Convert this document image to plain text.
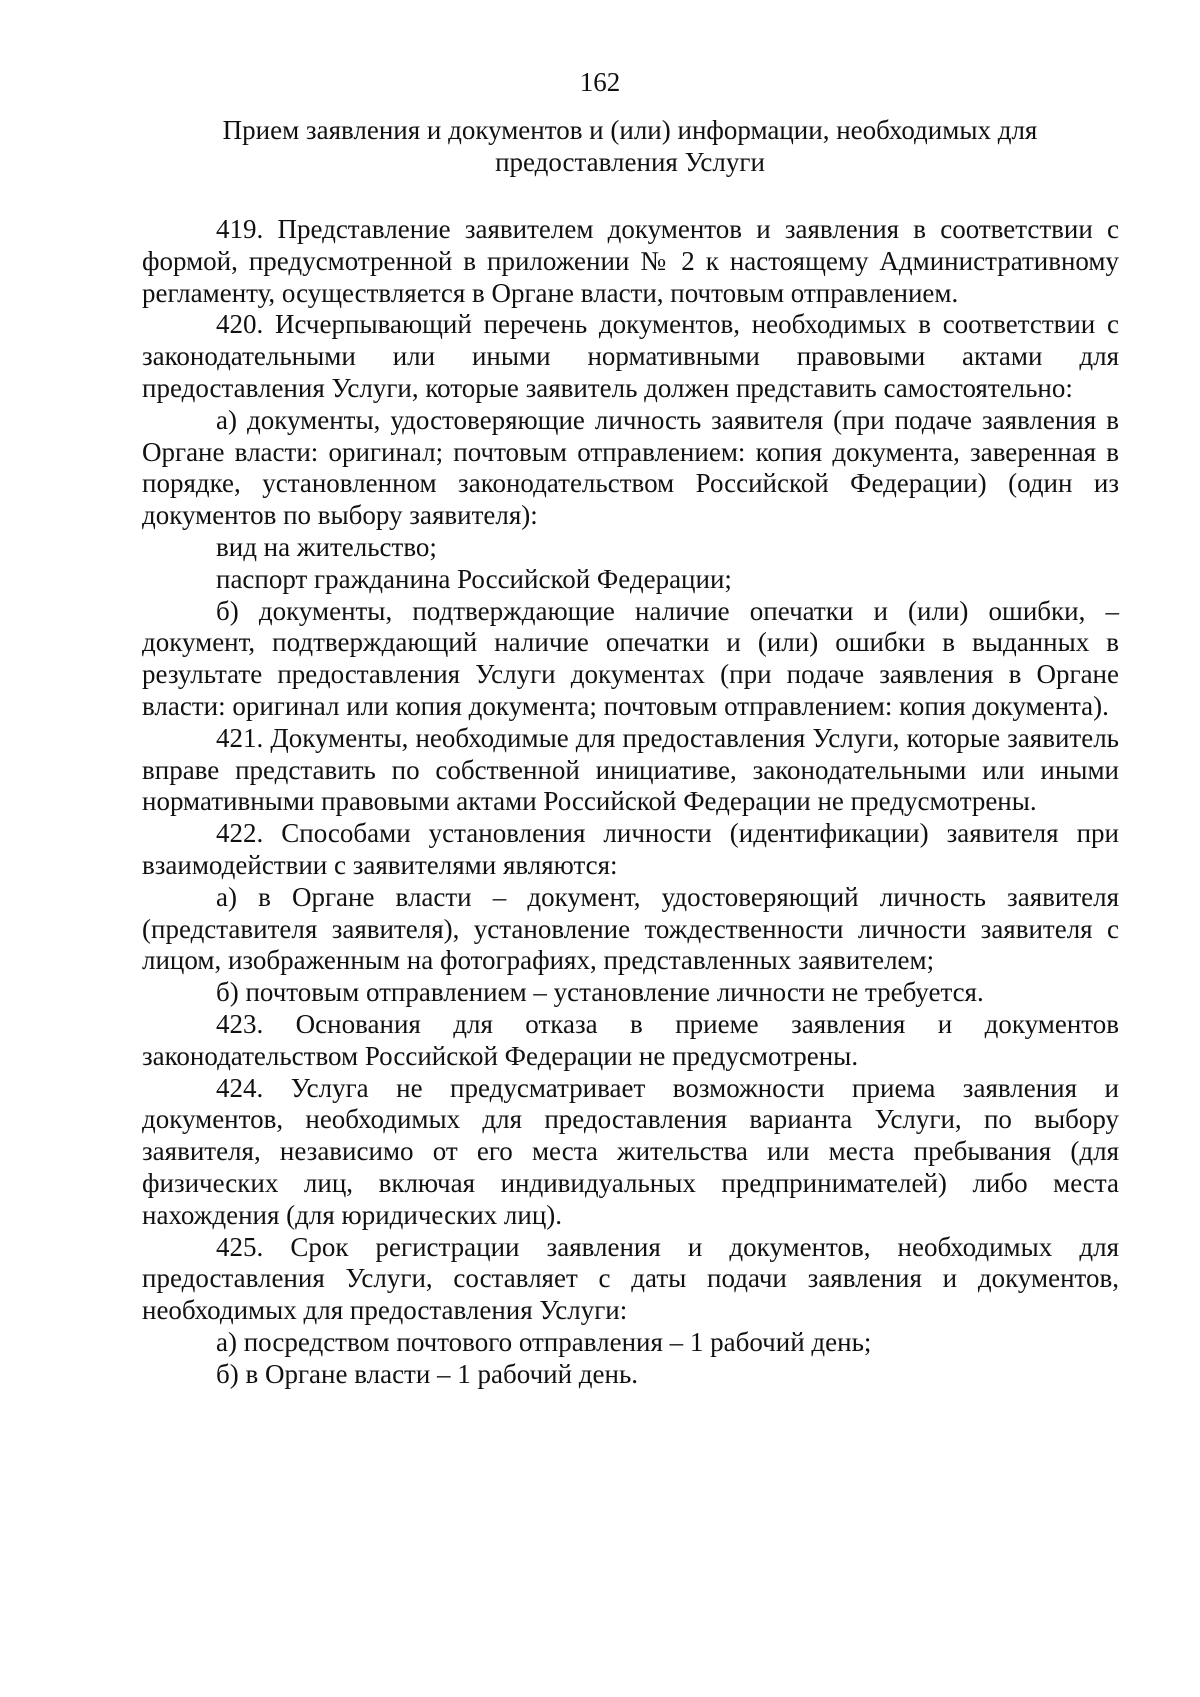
162
Прием заявления и документов и (или) информации, необходимых для
предоставления Услуги

419. Представление заявителем документов и заявления в соответствии с формой, предусмотренной в приложении № 2 к настоящему Административному регламенту, осуществляется в Органе власти, почтовым отправлением.

420. Исчерпывающий перечень документов, необходимых в соответствии с законодательными или иными нормативными правовыми актами для предоставления Услуги, которые заявитель должен представить самостоятельно:

а) документы, удостоверяющие личность заявителя (при подаче заявления в Органе власти: оригинал; почтовым отправлением: копия документа, заверенная в порядке, установленном законодательством Российской Федерации) (один из документов по выбору заявителя):

вид на жительство;

паспорт гражданина Российской Федерации;

б) документы, подтверждающие наличие опечатки и (или) ошибки, – документ, подтверждающий наличие опечатки и (или) ошибки в выданных в результате предоставления Услуги документах (при подаче заявления в Органе власти: оригинал или копия документа; почтовым отправлением: копия документа).

421. Документы, необходимые для предоставления Услуги, которые заявитель вправе представить по собственной инициативе, законодательными или иными нормативными правовыми актами Российской Федерации не предусмотрены.

422. Способами установления личности (идентификации) заявителя при взаимодействии с заявителями являются:

а) в Органе власти – документ, удостоверяющий личность заявителя (представителя заявителя), установление тождественности личности заявителя с лицом, изображенным на фотографиях, представленных заявителем;

б) почтовым отправлением – установление личности не требуется.

423. Основания для отказа в приеме заявления и документов законодательством Российской Федерации не предусмотрены.

424. Услуга не предусматривает возможности приема заявления и документов, необходимых для предоставления варианта Услуги, по выбору заявителя, независимо от его места жительства или места пребывания (для физических лиц, включая индивидуальных предпринимателей) либо места нахождения (для юридических лиц).

425. Срок регистрации заявления и документов, необходимых для предоставления Услуги, составляет с даты подачи заявления и документов, необходимых для предоставления Услуги:

а) посредством почтового отправления – 1 рабочий день;

б) в Органе власти – 1 рабочий день.
